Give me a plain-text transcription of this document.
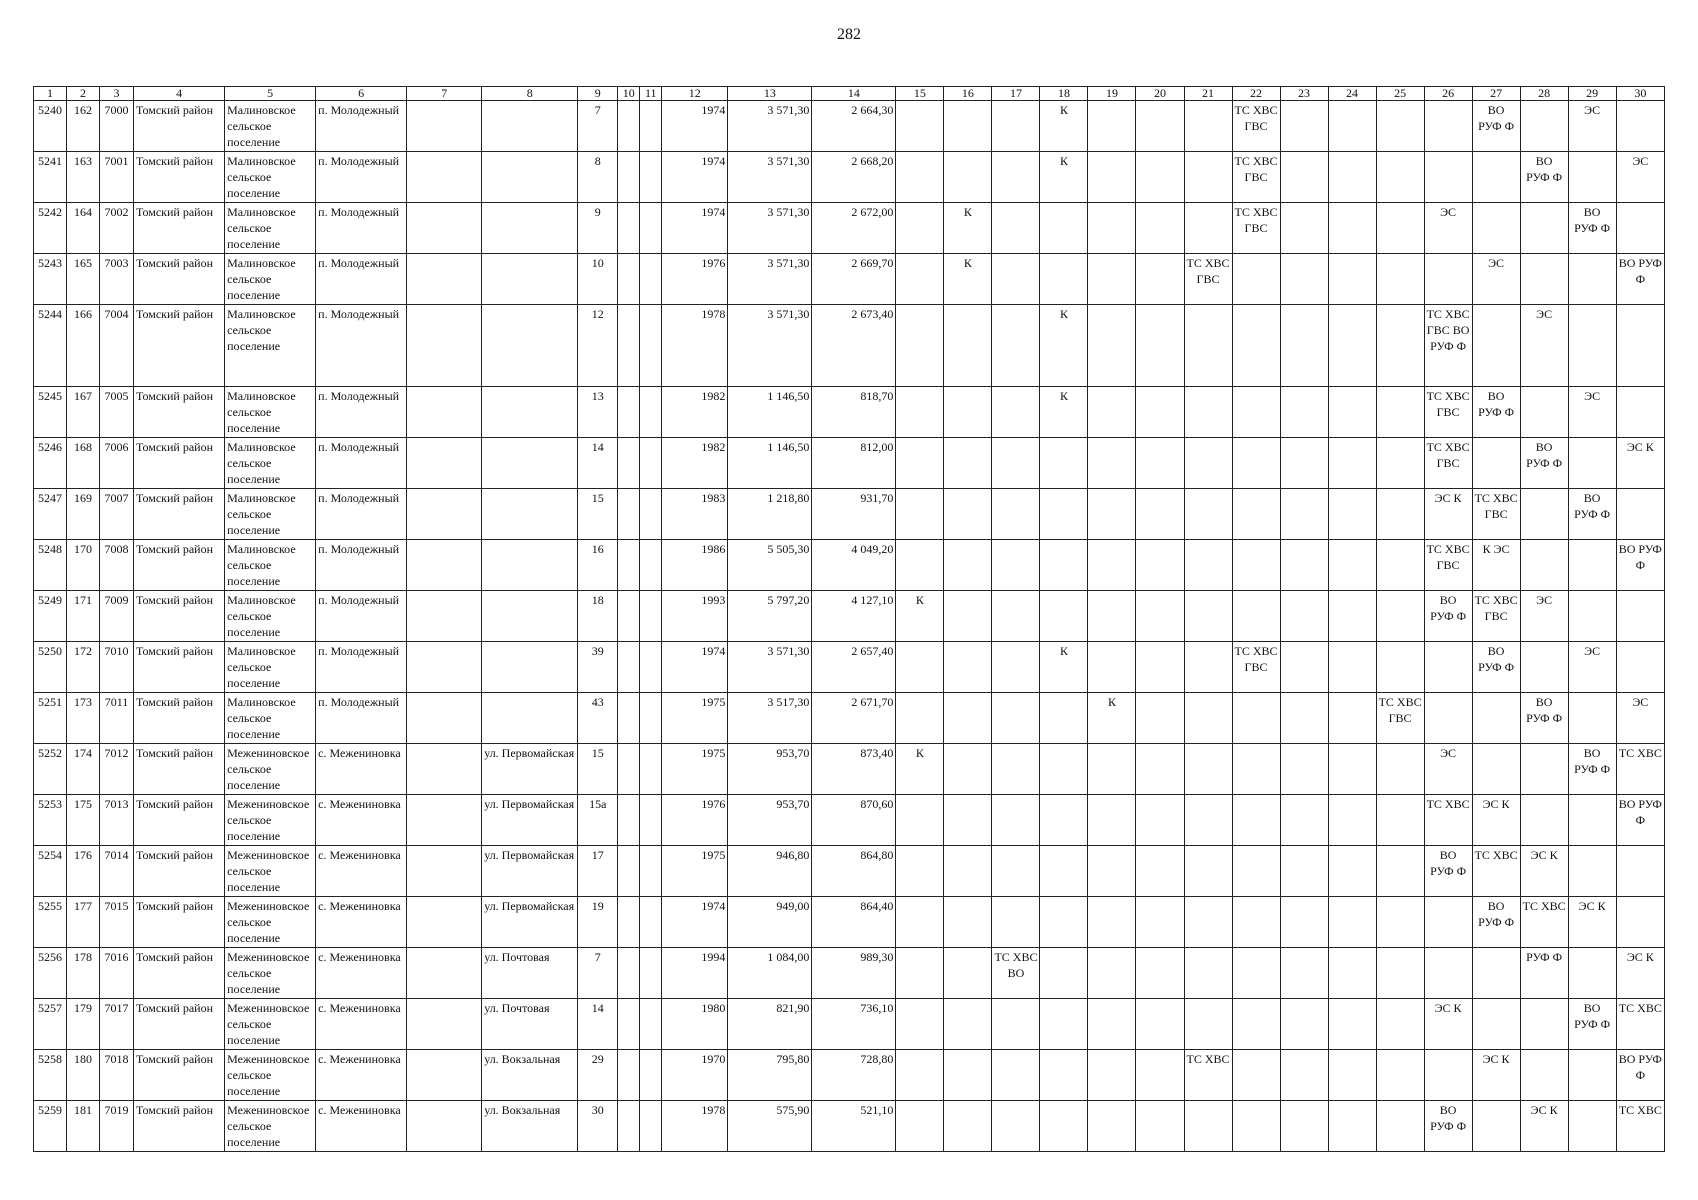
282
1	2	3	4	5	6	7	8	9	10	11	12	13	14	15	16	17	18	19	20	21	22	23	24	25	26	27	28	29	30
5240	162	7000	Томский район	Малиновское сельское поселение	п. Молодежный			7			1974	3 571,30	2 664,30				К				ТС ХВС ГВС					ВО РУФ Ф		ЭС	
5241	163	7001	Томский район	Малиновское сельское поселение	п. Молодежный			8			1974	3 571,30	2 668,20				К				ТС ХВС ГВС						ВО РУФ Ф		ЭС
5242	164	7002	Томский район	Малиновское сельское поселение	п. Молодежный			9			1974	3 571,30	2 672,00		К						ТС ХВС ГВС				ЭС			ВО РУФ Ф	
5243	165	7003	Томский район	Малиновское сельское поселение	п. Молодежный			10			1976	3 571,30	2 669,70		К					ТС ХВС ГВС						ЭС			ВО РУФ Ф
5244	166	7004	Томский район	Малиновское сельское поселение	п. Молодежный			12			1978	3 571,30	2 673,40				К								ТС ХВС ГВС ВО РУФ Ф		ЭС		
5245	167	7005	Томский район	Малиновское сельское поселение	п. Молодежный			13			1982	1 146,50	818,70				К								ТС ХВС ГВС	ВО РУФ Ф		ЭС	
5246	168	7006	Томский район	Малиновское сельское поселение	п. Молодежный			14			1982	1 146,50	812,00												ТС ХВС ГВС		ВО РУФ Ф		ЭС К
5247	169	7007	Томский район	Малиновское сельское поселение	п. Молодежный			15			1983	1 218,80	931,70												ЭС К	ТС ХВС ГВС		ВО РУФ Ф	
5248	170	7008	Томский район	Малиновское сельское поселение	п. Молодежный			16			1986	5 505,30	4 049,20												ТС ХВС ГВС	К ЭС			ВО РУФ Ф
5249	171	7009	Томский район	Малиновское сельское поселение	п. Молодежный			18			1993	5 797,20	4 127,10	К											ВО РУФ Ф	ТС ХВС ГВС	ЭС		
5250	172	7010	Томский район	Малиновское сельское поселение	п. Молодежный			39			1974	3 571,30	2 657,40				К				ТС ХВС ГВС					ВО РУФ Ф		ЭС	
5251	173	7011	Томский район	Малиновское сельское поселение	п. Молодежный			43			1975	3 517,30	2 671,70					К						ТС ХВС ГВС			ВО РУФ Ф		ЭС
5252	174	7012	Томский район	Межениновское сельское поселение	с. Межениновка		ул. Первомайская	15			1975	953,70	873,40	К											ЭС			ВО РУФ Ф	ТС ХВС
5253	175	7013	Томский район	Межениновское сельское поселение	с. Межениновка		ул. Первомайская	15а			1976	953,70	870,60												ТС ХВС	ЭС К			ВО РУФ Ф
5254	176	7014	Томский район	Межениновское сельское поселение	с. Межениновка		ул. Первомайская	17			1975	946,80	864,80												ВО РУФ Ф	ТС ХВС	ЭС К		
5255	177	7015	Томский район	Межениновское сельское поселение	с. Межениновка		ул. Первомайская	19			1974	949,00	864,40													ВО РУФ Ф	ТС ХВС	ЭС К	
5256	178	7016	Томский район	Межениновское сельское поселение	с. Межениновка		ул. Почтовая	7			1994	1 084,00	989,30			ТС ХВС ВО											РУФ Ф		ЭС К
5257	179	7017	Томский район	Межениновское сельское поселение	с. Межениновка		ул. Почтовая	14			1980	821,90	736,10												ЭС К			ВО РУФ Ф	ТС ХВС
5258	180	7018	Томский район	Межениновское сельское поселение	с. Межениновка		ул. Вокзальная	29			1970	795,80	728,80							ТС ХВС						ЭС К			ВО РУФ Ф
5259	181	7019	Томский район	Межениновское сельское поселение	с. Межениновка		ул. Вокзальная	30			1978	575,90	521,10												ВО РУФ Ф		ЭС К		ТС ХВС
